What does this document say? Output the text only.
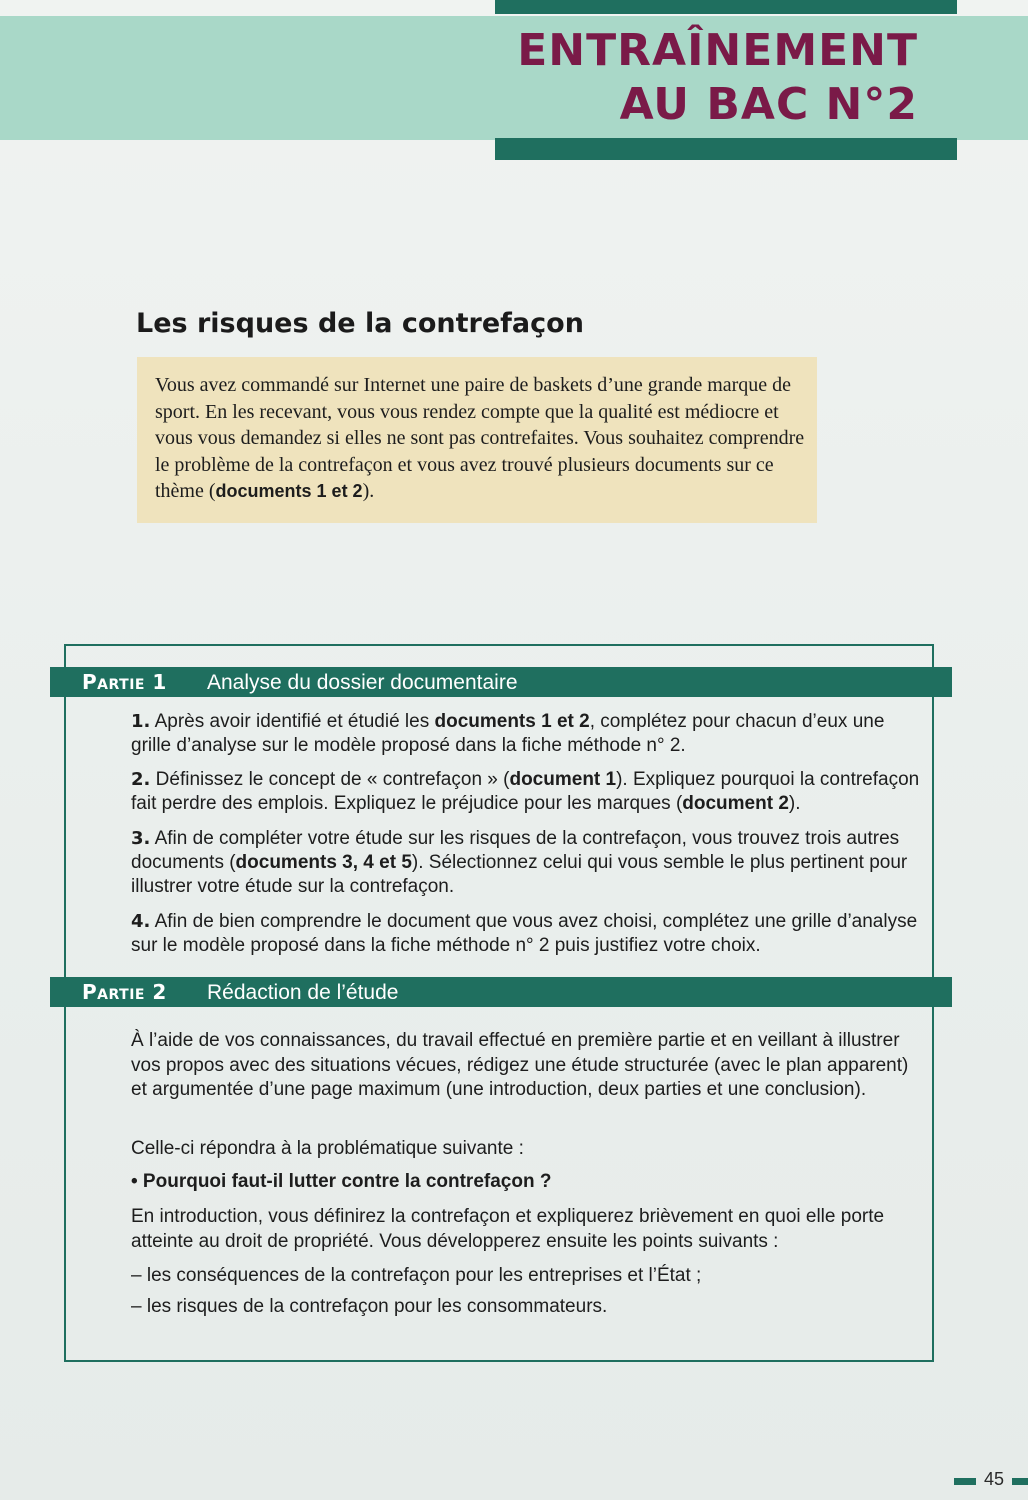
ENTRAÎNEMENT
AU BAC N°2
Les risques de la contrefaçon
Vous avez commandé sur Internet une paire de baskets d’une grande marque de sport. En les recevant, vous vous rendez compte que la qualité est médiocre et vous vous demandez si elles ne sont pas contrefaites. Vous souhaitez comprendre le problème de la contrefaçon et vous avez trouvé plusieurs documents sur ce thème (documents 1 et 2).
Partie 1 Analyse du dossier documentaire
1. Après avoir identifié et étudié les documents 1 et 2, complétez pour chacun d’eux une grille d’analyse sur le modèle proposé dans la fiche méthode n° 2.
2. Définissez le concept de « contrefaçon » (document 1). Expliquez pourquoi la contrefaçon fait perdre des emplois. Expliquez le préjudice pour les marques (document 2).
3. Afin de compléter votre étude sur les risques de la contrefaçon, vous trouvez trois autres documents (documents 3, 4 et 5). Sélectionnez celui qui vous semble le plus pertinent pour illustrer votre étude sur la contrefaçon.
4. Afin de bien comprendre le document que vous avez choisi, complétez une grille d’analyse sur le modèle proposé dans la fiche méthode n° 2 puis justifiez votre choix.
Partie 2 Rédaction de l’étude
À l’aide de vos connaissances, du travail effectué en première partie et en veillant à illustrer vos propos avec des situations vécues, rédigez une étude structurée (avec le plan apparent) et argumentée d’une page maximum (une introduction, deux parties et une conclusion).
Celle-ci répondra à la problématique suivante :
• Pourquoi faut-il lutter contre la contrefaçon ?
En introduction, vous définirez la contrefaçon et expliquerez brièvement en quoi elle porte atteinte au droit de propriété. Vous développerez ensuite les points suivants :
– les conséquences de la contrefaçon pour les entreprises et l’État ;
– les risques de la contrefaçon pour les consommateurs.
45
